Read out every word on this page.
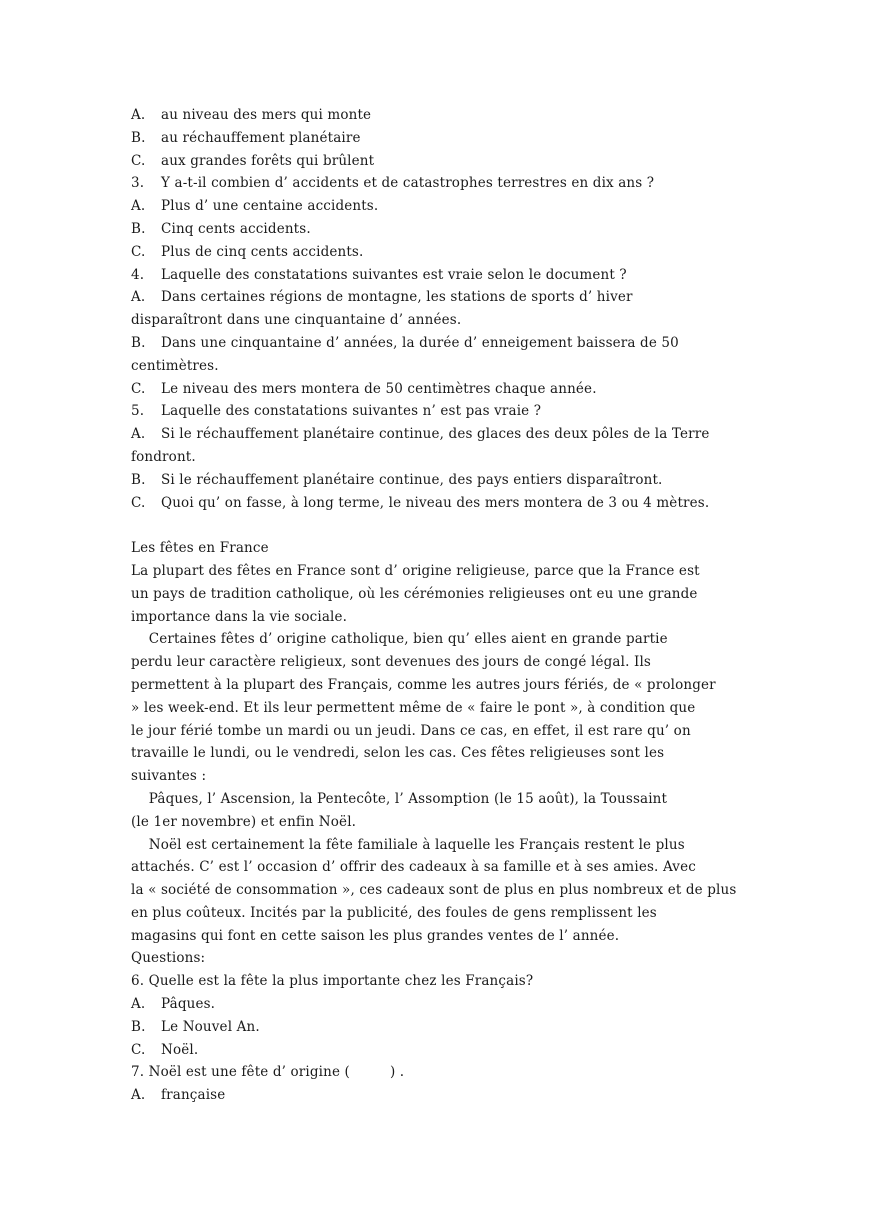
A. au niveau des mers qui monte
B. au réchauffement planétaire
C. aux grandes forêts qui brûlent
3. Y a-t-il combien d’ accidents et de catastrophes terrestres en dix ans ?
A. Plus d’ une centaine accidents.
B. Cinq cents accidents.
C. Plus de cinq cents accidents.
4. Laquelle des constatations suivantes est vraie selon le document ?
A. Dans certaines régions de montagne, les stations de sports d’ hiver
disparaîtront dans une cinquantaine d’ années.
B. Dans une cinquantaine d’ années, la durée d’ enneigement baissera de 50
centimètres.
C. Le niveau des mers montera de 50 centimètres chaque année.
5. Laquelle des constatations suivantes n’ est pas vraie ?
A. Si le réchauffement planétaire continue, des glaces des deux pôles de la Terre
fondront.
B. Si le réchauffement planétaire continue, des pays entiers disparaîtront.
C. Quoi qu’ on fasse, à long terme, le niveau des mers montera de 3 ou 4 mètres.
Les fêtes en France
La plupart des fêtes en France sont d’ origine religieuse, parce que la France est
un pays de tradition catholique, où les cérémonies religieuses ont eu une grande
importance dans la vie sociale.
Certaines fêtes d’ origine catholique, bien qu’ elles aient en grande partie
perdu leur caractère religieux, sont devenues des jours de congé légal. Ils
permettent à la plupart des Français, comme les autres jours fériés, de « prolonger
» les week-end. Et ils leur permettent même de « faire le pont », à condition que
le jour férié tombe un mardi ou un jeudi. Dans ce cas, en effet, il est rare qu’ on
travaille le lundi, ou le vendredi, selon les cas. Ces fêtes religieuses sont les
suivantes :
Pâques, l’ Ascension, la Pentecôte, l’ Assomption (le 15 août), la Toussaint
(le 1er novembre) et enfin Noël.
Noël est certainement la fête familiale à laquelle les Français restent le plus
attachés. C’ est l’ occasion d’ offrir des cadeaux à sa famille et à ses amies. Avec
la « société de consommation », ces cadeaux sont de plus en plus nombreux et de plus
en plus coûteux. Incités par la publicité, des foules de gens remplissent les
magasins qui font en cette saison les plus grandes ventes de l’ année.
Questions:
6. Quelle est la fête la plus importante chez les Français?
A. Pâques.
B. Le Nouvel An.
C. Noël.
7. Noël est une fête d’ origine (         ) .
A. française
